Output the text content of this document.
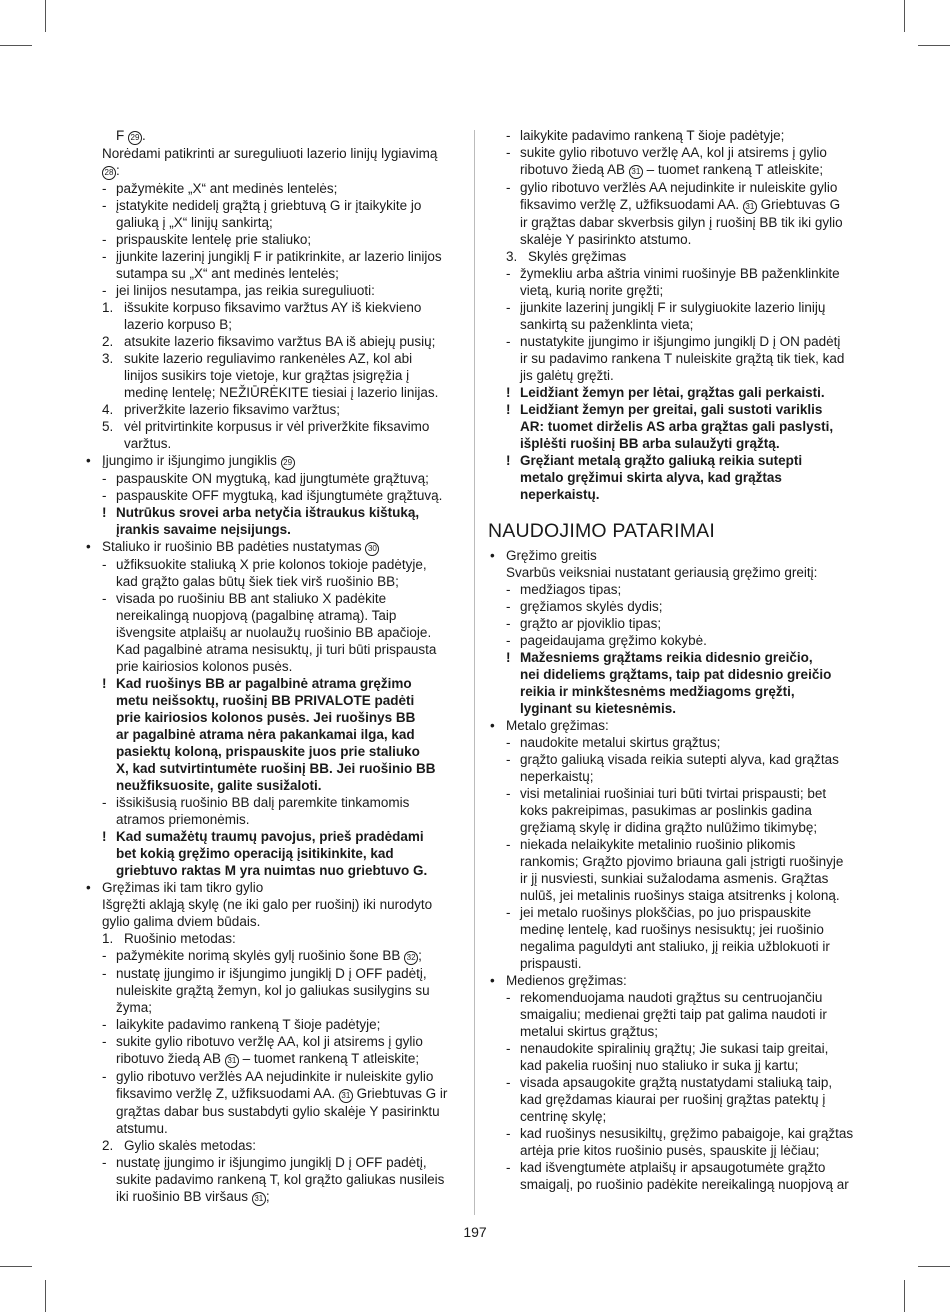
F 29 .
Norėdami patikrinti ar sureguliuoti lazerio linijų lygiavimą
28 :
- pažymėkite „X“ ant medinės lentelės;
- įstatykite nedidelį grąžtą į griebtuvą G ir įtaikykite jo
galiuką į „X“ linijų sankirtą;
- prispauskite lentelę prie staliuko;
- įjunkite lazerinį jungiklį F ir patikrinkite, ar lazerio linijos
sutampa su „X“ ant medinės lentelės;
- jei linijos nesutampa, jas reikia sureguliuoti:
1. išsukite korpuso fiksavimo varžtus AY iš kiekvieno
lazerio korpuso B;
2. atsukite lazerio fiksavimo varžtus BA iš abiejų pusių;
3. sukite lazerio reguliavimo rankenėles AZ, kol abi
linijos susikirs toje vietoje, kur grąžtas įsigręžia į
medinę lentelę; NEŽIŪRĖKITE tiesiai į lazerio linijas.
4. priveržkite lazerio fiksavimo varžtus;
5. vėl pritvirtinkite korpusus ir vėl priveržkite fiksavimo
varžtus.
• Įjungimo ir išjungimo jungiklis 29
- paspauskite ON mygtuką, kad įjungtumėte grąžtuvą;
- paspauskite OFF mygtuką, kad išjungtumėte grąžtuvą.
! Nutrūkus srovei arba netyčia ištraukus kištuką,
įrankis savaime neįsijungs.
• Staliuko ir ruošinio BB padėties nustatymas 30
- užfiksuokite staliuką X prie kolonos tokioje padėtyje,
kad grąžto galas būtų šiek tiek virš ruošinio BB;
- visada po ruošiniu BB ant staliuko X padėkite
nereikalingą nuopjovą (pagalbinę atramą). Taip
išvengsite atplaišų ar nuolaužų ruošinio BB apačioje.
Kad pagalbinė atrama nesisuktų, ji turi būti prispausta
prie kairiosios kolonos pusės.
! Kad ruošinys BB ar pagalbinė atrama gręžimo
metu neišsoktų, ruošinį BB PRIVALOTE padėti
prie kairiosios kolonos pusės. Jei ruošinys BB
ar pagalbinė atrama nėra pakankamai ilga, kad
pasiektų koloną, prispauskite juos prie staliuko
X, kad sutvirtintumėte ruošinį BB. Jei ruošinio BB
neužfiksuosite, galite susižaloti.
- išsikišusią ruošinio BB dalį paremkite tinkamomis
atramos priemonėmis.
! Kad sumažėtų traumų pavojus, prieš pradėdami
bet kokią gręžimo operaciją įsitikinkite, kad
griebtuvo raktas M yra nuimtas nuo griebtuvo G.
• Gręžimas iki tam tikro gylio
Išgręžti akląją skylę (ne iki galo per ruošinį) iki nurodyto
gylio galima dviem būdais.
1. Ruošinio metodas:
- pažymėkite norimą skylės gylį ruošinio šone BB 32 ;
- nustatę įjungimo ir išjungimo jungiklį D į OFF padėtį,
nuleiskite grąžtą žemyn, kol jo galiukas susilygins su
žyma;
- laikykite padavimo rankeną T šioje padėtyje;
- sukite gylio ribotuvo veržlę AA, kol ji atsirems į gylio
ribotuvo žiedą AB 31 – tuomet rankeną T atleiskite;
- gylio ribotuvo veržlės AA nejudinkite ir nuleiskite gylio
fiksavimo veržlę Z, užfiksuodami AA. 31 Griebtuvas G ir
grąžtas dabar bus sustabdyti gylio skalėje Y pasirinktu
atstumu.
2. Gylio skalės metodas:
- nustatę įjungimo ir išjungimo jungiklį D į OFF padėtį,
sukite padavimo rankeną T, kol grąžto galiukas nusileis
iki ruošinio BB viršaus 31 ;
- laikykite padavimo rankeną T šioje padėtyje;
- sukite gylio ribotuvo veržlę AA, kol ji atsirems į gylio
ribotuvo žiedą AB 31 – tuomet rankeną T atleiskite;
- gylio ribotuvo veržlės AA nejudinkite ir nuleiskite gylio
fiksavimo veržlę Z, užfiksuodami AA. 31 Griebtuvas G
ir grąžtas dabar skverbsis gilyn į ruošinį BB tik iki gylio
skalėje Y pasirinkto atstumo.
3. Skylės gręžimas
- žymekliu arba aštria vinimi ruošinyje BB paženklinkite
vietą, kurią norite gręžti;
- įjunkite lazerinį jungiklį F ir sulygiuokite lazerio linijų
sankirtą su paženklinta vieta;
- nustatykite įjungimo ir išjungimo jungiklį D į ON padėtį
ir su padavimo rankena T nuleiskite grąžtą tik tiek, kad
jis galėtų gręžti.
! Leidžiant žemyn per lėtai, grąžtas gali perkaisti.
! Leidžiant žemyn per greitai, gali sustoti variklis
AR: tuomet dirželis AS arba grąžtas gali paslysti,
išplėšti ruošinį BB arba sulaužyti grąžtą.
! Gręžiant metalą grąžto galiuką reikia sutepti
metalo gręžimui skirta alyva, kad grąžtas
neperkaistų.
NAUDOJIMO PATARIMAI
• Gręžimo greitis
Svarbūs veiksniai nustatant geriausią gręžimo greitį:
- medžiagos tipas;
- gręžiamos skylės dydis;
- grąžto ar pjoviklio tipas;
- pageidaujama gręžimo kokybė.
! Mažesniems grąžtams reikia didesnio greičio,
nei dideliems grąžtams, taip pat didesnio greičio
reikia ir minkštesnėms medžiagoms gręžti,
lyginant su kietesnėmis.
• Metalo gręžimas:
- naudokite metalui skirtus grąžtus;
- grąžto galiuką visada reikia sutepti alyva, kad grąžtas
neperkaistų;
- visi metaliniai ruošiniai turi būti tvirtai prispausti; bet
koks pakreipimas, pasukimas ar poslinkis gadina
gręžiamą skylę ir didina grąžto nulūžimo tikimybę;
- niekada nelaikykite metalinio ruošinio plikomis
rankomis; Grąžto pjovimo briauna gali įstrigti ruošinyje
ir jį nusviesti, sunkiai sužalodama asmenis. Grąžtas
nulūš, jei metalinis ruošinys staiga atsitrenks į koloną.
- jei metalo ruošinys plokščias, po juo prispauskite
medinę lentelę, kad ruošinys nesisuktų; jei ruošinio
negalima paguldyti ant staliuko, jį reikia užblokuoti ir
prispausti.
• Medienos gręžimas:
- rekomenduojama naudoti grąžtus su centruojančiu
smaigaliu; medienai gręžti taip pat galima naudoti ir
metalui skirtus grąžtus;
- nenaudokite spiralinių grąžtų; Jie sukasi taip greitai,
kad pakelia ruošinį nuo staliuko ir suka jį kartu;
- visada apsaugokite grąžtą nustatydami staliuką taip,
kad gręždamas kiaurai per ruošinį grąžtas patektų į
centrinę skylę;
- kad ruošinys nesusikiltų, gręžimo pabaigoje, kai grąžtas
artėja prie kitos ruošinio pusės, spauskite jį lėčiau;
- kad išvengtumėte atplaišų ir apsaugotumėte grąžto
smaigalį, po ruošinio padėkite nereikalingą nuopjovą ar
197
